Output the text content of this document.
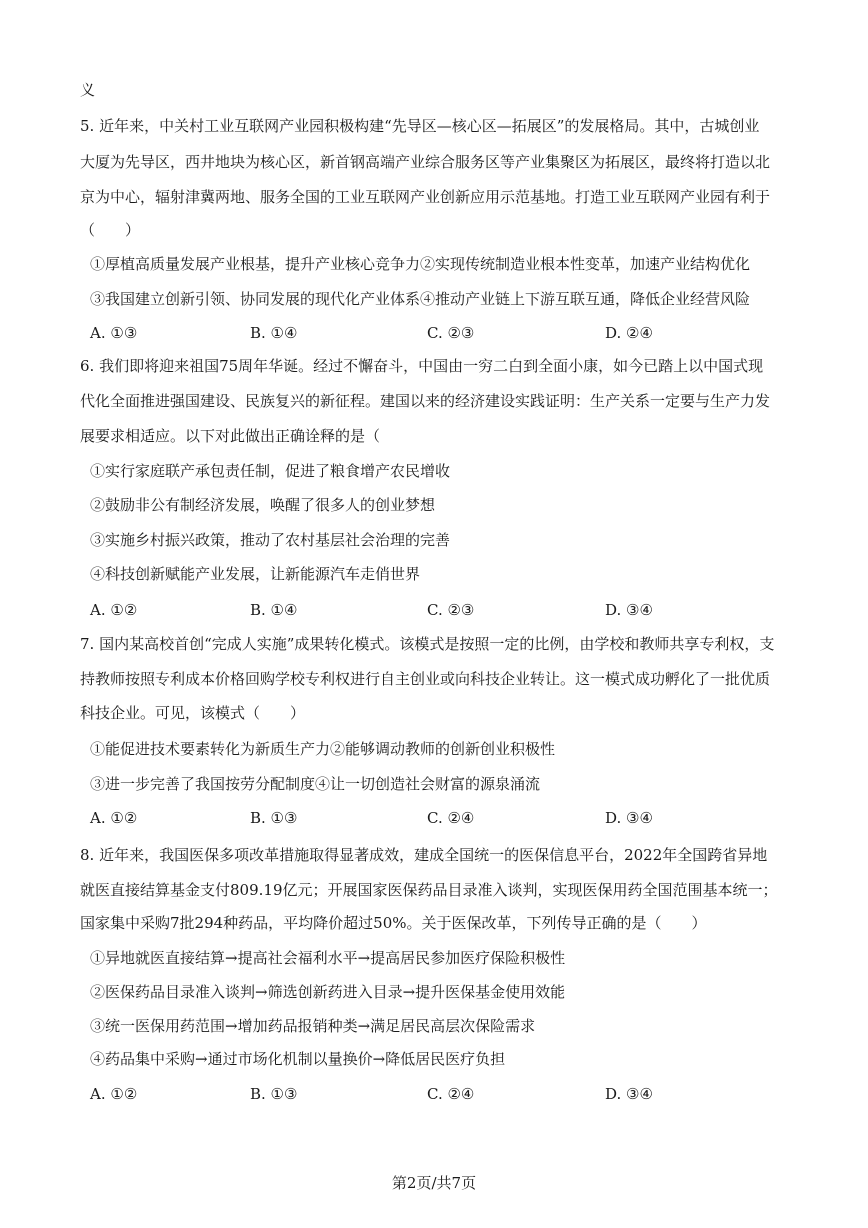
义
5. 近年来，中关村工业互联网产业园积极构建“先导区—核心区—拓展区”的发展格局。其中，古城创业
大厦为先导区，西井地块为核心区，新首钢高端产业综合服务区等产业集聚区为拓展区，最终将打造以北
京为中心，辐射津冀两地、服务全国的工业互联网产业创新应用示范基地。打造工业互联网产业园有利于
（　　）
①厚植高质量发展产业根基，提升产业核心竞争力②实现传统制造业根本性变革，加速产业结构优化
③我国建立创新引领、协同发展的现代化产业体系④推动产业链上下游互联互通，降低企业经营风险
A. ①③	B. ①④	C. ②③	D. ②④
6. 我们即将迎来祖国75周年华诞。经过不懈奋斗，中国由一穷二白到全面小康，如今已踏上以中国式现
代化全面推进强国建设、民族复兴的新征程。建国以来的经济建设实践证明：生产关系一定要与生产力发
展要求相适应。以下对此做出正确诠释的是（
①实行家庭联产承包责任制，促进了粮食增产农民增收
②鼓励非公有制经济发展，唤醒了很多人的创业梦想
③实施乡村振兴政策，推动了农村基层社会治理的完善
④科技创新赋能产业发展，让新能源汽车走俏世界
A. ①②	B. ①④	C. ②③	D. ③④
7. 国内某高校首创“完成人实施”成果转化模式。该模式是按照一定的比例，由学校和教师共享专利权，支
持教师按照专利成本价格回购学校专利权进行自主创业或向科技企业转让。这一模式成功孵化了一批优质
科技企业。可见，该模式（　　）
①能促进技术要素转化为新质生产力②能够调动教师的创新创业积极性
③进一步完善了我国按劳分配制度④让一切创造社会财富的源泉涌流
A. ①②	B. ①③	C. ②④	D. ③④
8. 近年来，我国医保多项改革措施取得显著成效，建成全国统一的医保信息平台，2022年全国跨省异地
就医直接结算基金支付809.19亿元；开展国家医保药品目录准入谈判，实现医保用药全国范围基本统一；
国家集中采购7批294种药品，平均降价超过50%。关于医保改革，下列传导正确的是（　　）
①异地就医直接结算→提高社会福利水平→提高居民参加医疗保险积极性
②医保药品目录准入谈判→筛选创新药进入目录→提升医保基金使用效能
③统一医保用药范围→增加药品报销种类→满足居民高层次保险需求
④药品集中采购→通过市场化机制以量换价→降低居民医疗负担
A. ①②	B. ①③	C. ②④	D. ③④
第2页/共7页
